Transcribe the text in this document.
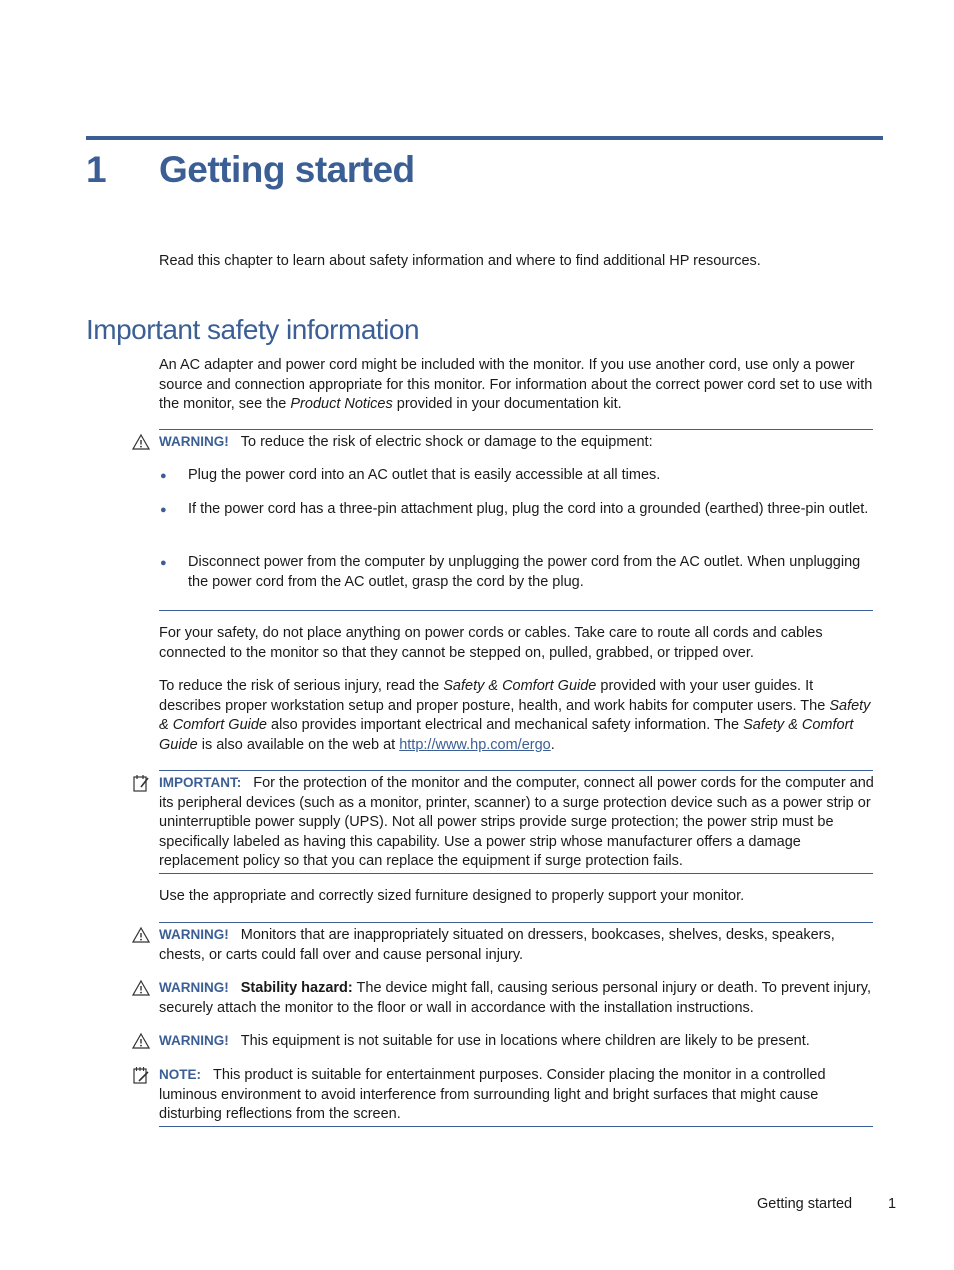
1 Getting started

Read this chapter to learn about safety information and where to find additional HP resources.

Important safety information

An AC adapter and power cord might be included with the monitor. If you use another cord, use only a power source and connection appropriate for this monitor. For information about the correct power cord set to use with the monitor, see the Product Notices provided in your documentation kit.

WARNING! To reduce the risk of electric shock or damage to the equipment:

● Plug the power cord into an AC outlet that is easily accessible at all times.

● If the power cord has a three-pin attachment plug, plug the cord into a grounded (earthed) three-pin outlet.

● Disconnect power from the computer by unplugging the power cord from the AC outlet. When unplugging the power cord from the AC outlet, grasp the cord by the plug.

For your safety, do not place anything on power cords or cables. Take care to route all cords and cables connected to the monitor so that they cannot be stepped on, pulled, grabbed, or tripped over.

To reduce the risk of serious injury, read the Safety & Comfort Guide provided with your user guides. It describes proper workstation setup and proper posture, health, and work habits for computer users. The Safety & Comfort Guide also provides important electrical and mechanical safety information. The Safety & Comfort Guide is also available on the web at http://www.hp.com/ergo.

IMPORTANT: For the protection of the monitor and the computer, connect all power cords for the computer and its peripheral devices (such as a monitor, printer, scanner) to a surge protection device such as a power strip or uninterruptible power supply (UPS). Not all power strips provide surge protection; the power strip must be specifically labeled as having this capability. Use a power strip whose manufacturer offers a damage replacement policy so that you can replace the equipment if surge protection fails.

Use the appropriate and correctly sized furniture designed to properly support your monitor.

WARNING! Monitors that are inappropriately situated on dressers, bookcases, shelves, desks, speakers, chests, or carts could fall over and cause personal injury.

WARNING! Stability hazard: The device might fall, causing serious personal injury or death. To prevent injury, securely attach the monitor to the floor or wall in accordance with the installation instructions.

WARNING! This equipment is not suitable for use in locations where children are likely to be present.

NOTE: This product is suitable for entertainment purposes. Consider placing the monitor in a controlled luminous environment to avoid interference from surrounding light and bright surfaces that might cause disturbing reflections from the screen.

Getting started 1
